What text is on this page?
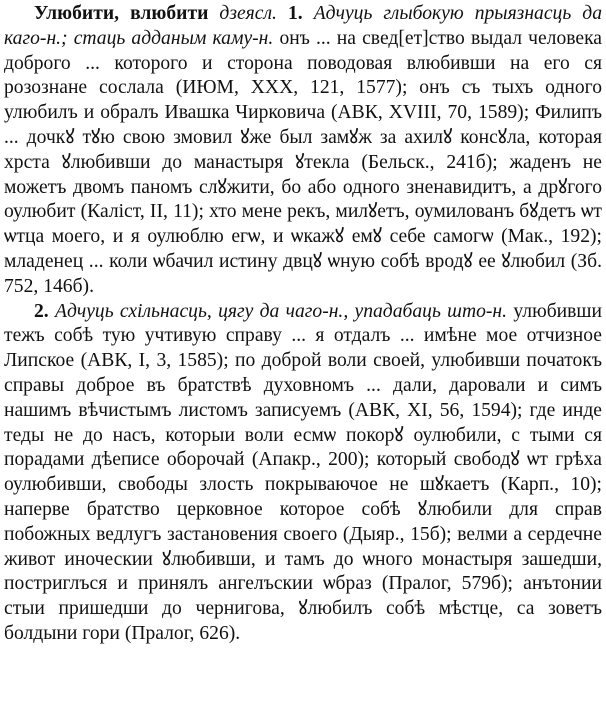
Улюбити, влюбити дзеясл. 1. Адчуць глыбокую прыязнасць да каго-н.; стаць адданым каму-н. онъ ... на свед[ет]ство выдал человека доброго ... которого и сторона поводовая влюбивши на его ся розознане сослала (ИЮМ, XXX, 121, 1577); онъ съ тыхъ одного улюбилъ и обралъ Ивашка Чирковича (АВК, XVIII, 70, 1589); Филипъ ... дочкꙋ тꙋю свою змовил ꙋже был замꙋж за ахилꙋ консꙋла, которая хрста ꙋлюбивши до манастыря ꙋтекла (Бельск., 241б); жаденъ не можетъ двомъ паномъ слꙋжити, бо або одного зненавидитъ, а дрꙋгого оулюбит (Каліст, II, 11); хто мене рекъ, милꙋетъ, оумилованъ бꙋдетъ ѡт ѡтца моего, и я оулюблю егѡ, и ѡкажꙋ емꙋ себе самогѡ (Мак., 192); младенец ... коли ѡбачил истину двцꙋ ѡную собѣ вродꙋ ее ꙋлюбил (Зб. 752, 146б).

2. Адчуць схільнасць, цягу да чаго-н., упадабаць што-н. улюбивши тежъ собѣ тую учтивую справу ... я отдалъ ... имѣне мое отчизное Липское (АВК, I, 3, 1585); по доброй воли своей, улюбивши початокъ справы доброе въ братствѣ духовномъ ... дали, даровали и симъ нашимъ вѣчистымъ листомъ записуемъ (АВК, XI, 56, 1594); где инде теды не до насъ, которыи воли есмѡ покорꙋ оулюбили, с тыми ся порадами дѣеписе оборочай (Апакр., 200); который свободꙋ ѡт грѣха оулюбивши, свободы злость покрываючое не шꙋкаетъ (Карп., 10); наперве братство церковное которое собѣ ꙋлюбили для справ побожных ведлугъ застановения своего (Дыяр., 15б); велми а сердечне живот иноческии ꙋлюбивши, и тамъ до ѡного монастыря зашедши, постриглъся и принялъ ангелъскии ѡбраз (Пралог, 579б); анътонии стыи пришедши до чернигова, ꙋлюбилъ собѣ мѣстце, са зоветъ болдыни гори (Пралог, 626).
